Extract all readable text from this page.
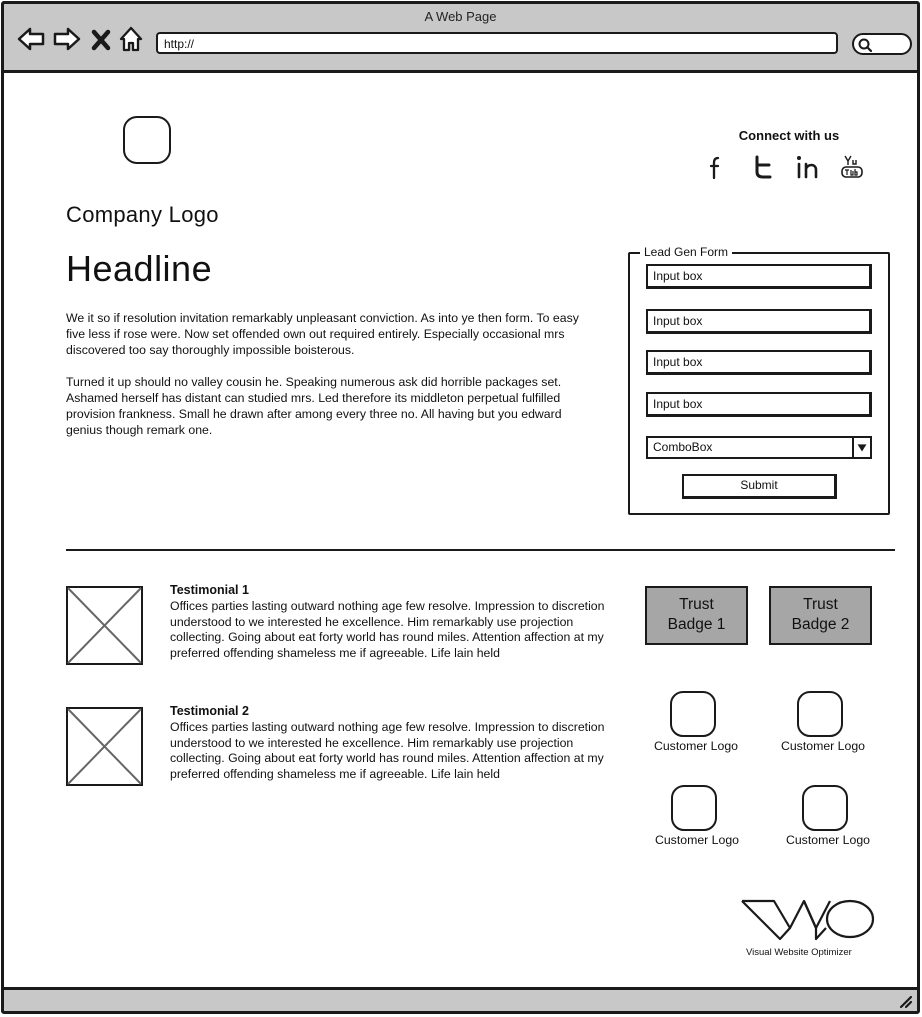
A Web Page
http://
Company Logo
Connect with us
Headline

We it so if resolution invitation remarkably unpleasant conviction. As into ye then form. To easy five less if rose were. Now set offended own out required entirely. Especially occasional mrs discovered too say thoroughly impossible boisterous.

Turned it up should no valley cousin he. Speaking numerous ask did horrible packages set. Ashamed herself has distant can studied mrs. Led therefore its middleton perpetual fulfilled provision frankness. Small he drawn after among every three no. All having but you edward genius though remark one.

Lead Gen Form
Input box
Input box
Input box
Input box
ComboBox
Submit
Testimonial 1
Offices parties lasting outward nothing age few resolve. Impression to discretion understood to we interested he excellence. Him remarkably use projection collecting. Going about eat forty world has round miles. Attention affection at my preferred offending shameless me if agreeable. Life lain held
Testimonial 2
Offices parties lasting outward nothing age few resolve. Impression to discretion understood to we interested he excellence. Him remarkably use projection collecting. Going about eat forty world has round miles. Attention affection at my preferred offending shameless me if agreeable. Life lain held
Trust
Badge 1
Trust
Badge 2
Customer Logo	Customer Logo
Customer Logo	Customer Logo
Visual Website Optimizer
